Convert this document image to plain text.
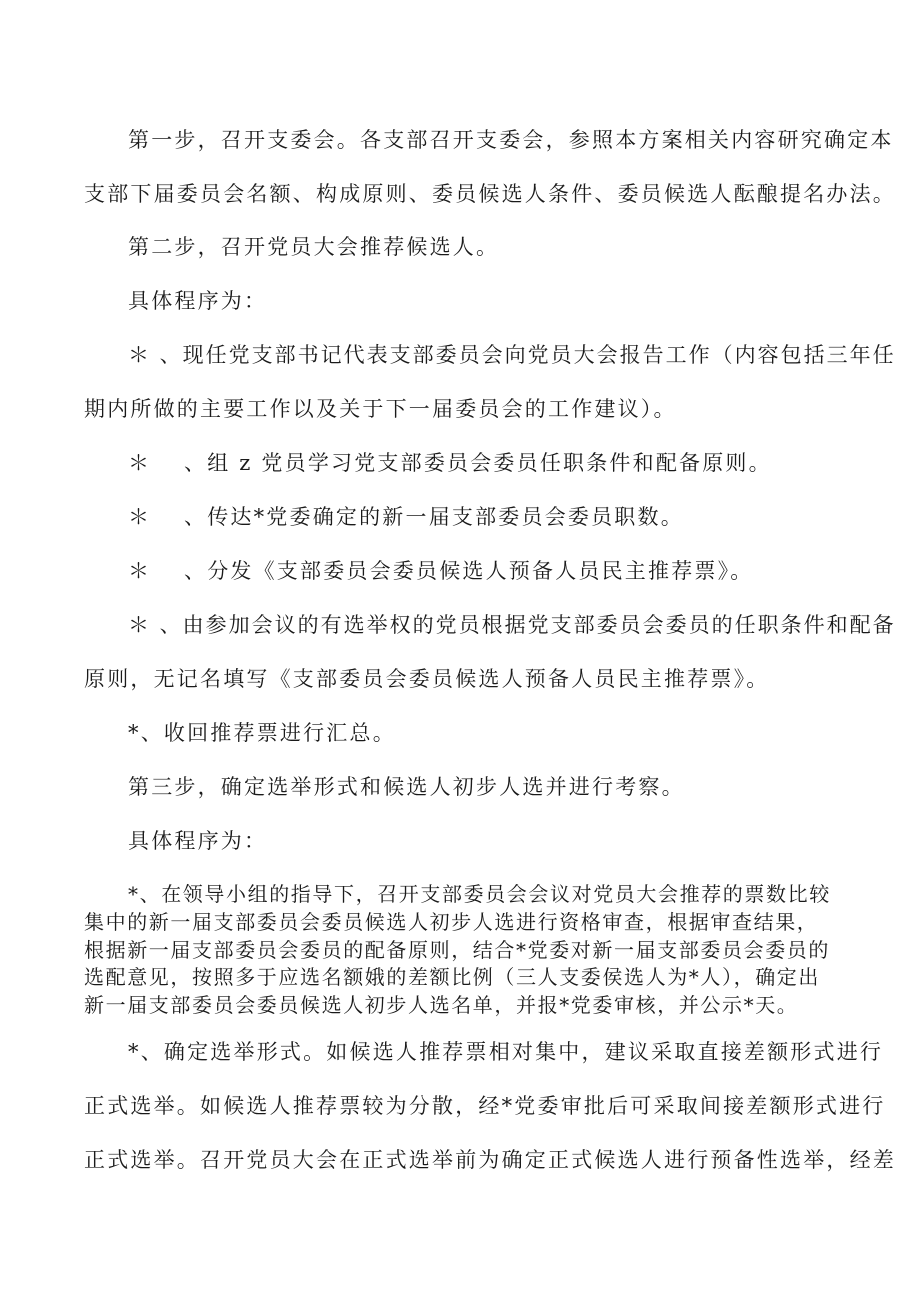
第一步，召开支委会。各支部召开支委会，参照本方案相关内容研究确定本
支部下届委员会名额、构成原则、委员候选人条件、委员候选人酝酿提名办法。
第二步，召开党员大会推荐候选人。
具体程序为：
＊ 、现任党支部书记代表支部委员会向党员大会报告工作（内容包括三年任
期内所做的主要工作以及关于下一届委员会的工作建议）。
＊ 、组 z 党员学习党支部委员会委员任职条件和配备原则。
＊ 、传达*党委确定的新一届支部委员会委员职数。
＊ 、分发《支部委员会委员候选人预备人员民主推荐票》。
＊ 、由参加会议的有选举权的党员根据党支部委员会委员的任职条件和配备
原则，无记名填写《支部委员会委员候选人预备人员民主推荐票》。
*、收回推荐票进行汇总。
第三步，确定选举形式和候选人初步人选并进行考察。
具体程序为：
*、在领导小组的指导下，召开支部委员会会议对党员大会推荐的票数比较
集中的新一届支部委员会委员候选人初步人选进行资格审查，根据审查结果，
根据新一届支部委员会委员的配备原则，结合*党委对新一届支部委员会委员的
选配意见，按照多于应选名额娥的差额比例（三人支委侯选人为*人），确定出
新一届支部委员会委员候选人初步人选名单，并报*党委审核，并公示*天。
*、确定选举形式。如候选人推荐票相对集中，建议采取直接差额形式进行
正式选举。如候选人推荐票较为分散，经*党委审批后可采取间接差额形式进行
正式选举。召开党员大会在正式选举前为确定正式候选人进行预备性选举，经差
